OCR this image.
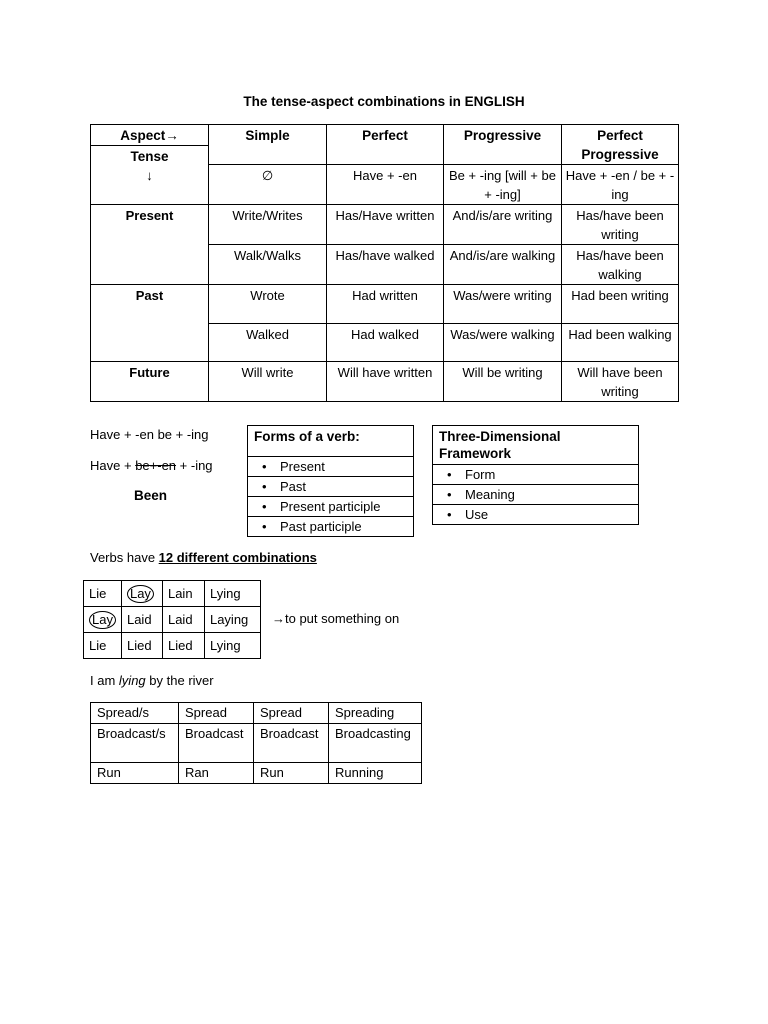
The tense-aspect combinations in ENGLISH
Aspect→	Simple	Perfect	Progressive	Perfect Progressive

Tense
↓				

	∅	Have + -en	Be + -ing [will + be + -ing]	Have + -en / be + -ing
Present	Write/Writes	Has/Have written	And/is/are writing	Has/have been writing
	Walk/Walks	Has/have walked	And/is/are walking	Has/have been walking
Past	Wrote	Had written	Was/were writing	Had been writing
	Walked	Had walked	Was/were walking	Had been walking
Future	Will write	Will have written	Will be writing	Will have been writing
Have + -en be + -ing
Have + be+-en + -ing
Been
Forms of a verb:
• Present
• Past
• Present participle
• Past participle
Three-Dimensional Framework
• Form
• Meaning
• Use
Verbs have 12 different combinations
Lie	Lay	Lain	Lying
Lay	Laid	Laid	Laying
Lie	Lied	Lied	Lying
→to put something on
I am lying by the river
Spread/s	Spread	Spread	Spreading
Broadcast/s	Broadcast	Broadcast	Broadcasting
Run	Ran	Run	Running
